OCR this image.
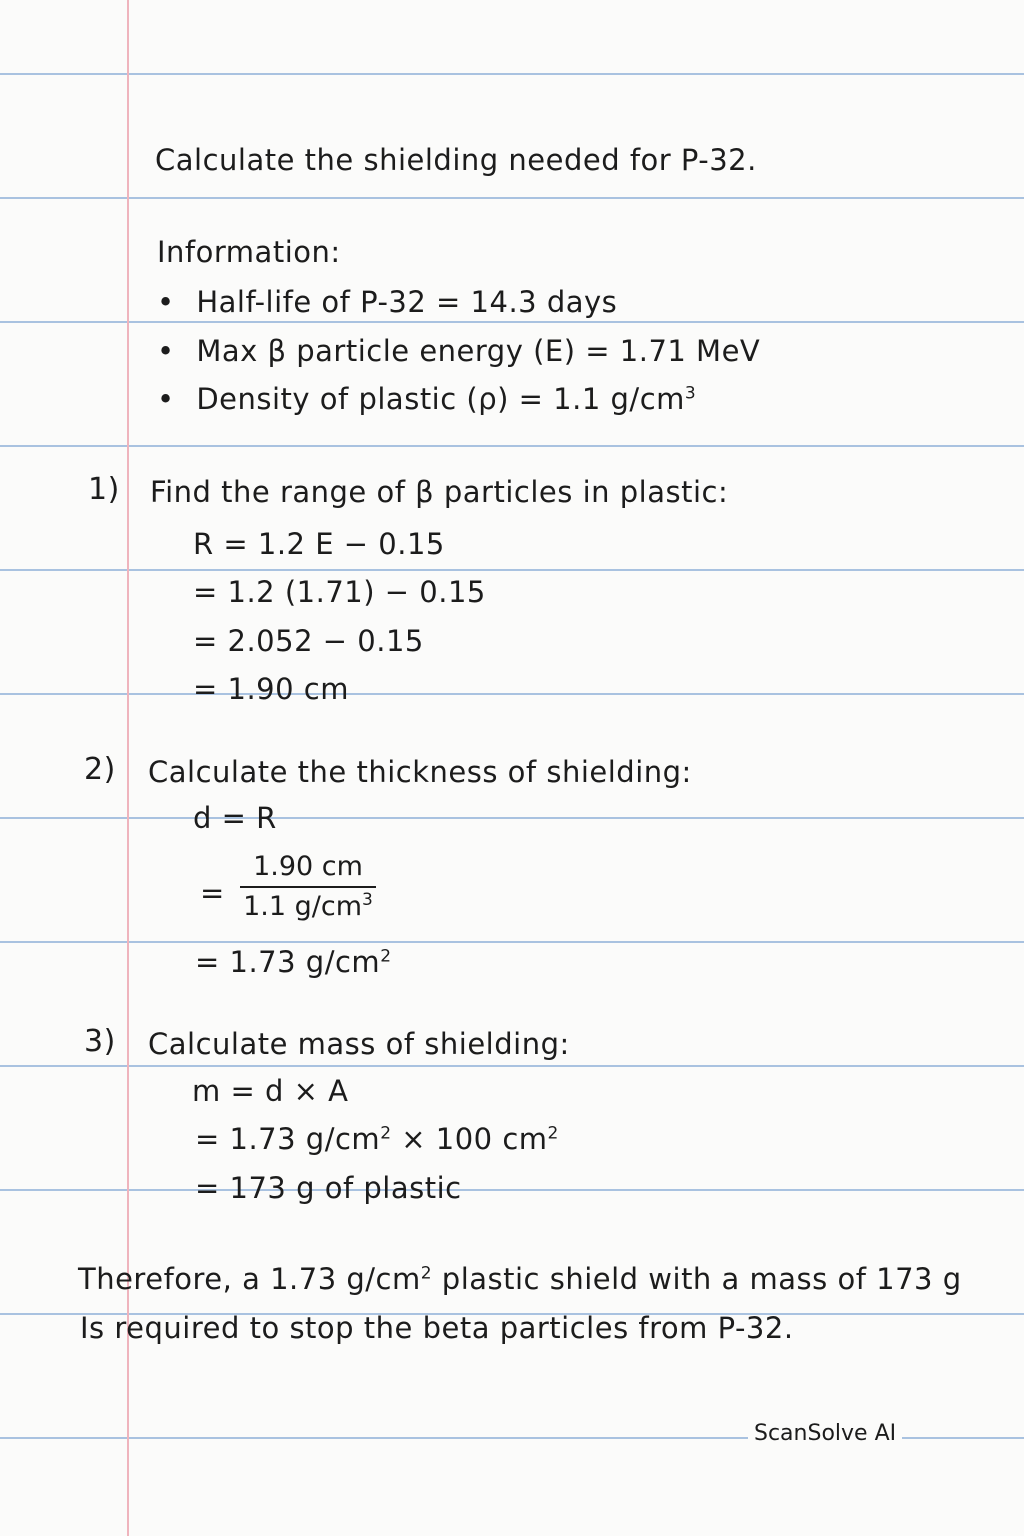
Calculate the shielding needed for P-32.
Information:
• Half-life of P-32 = 14.3 days
• Max β particle energy (E) = 1.71 MeV
• Density of plastic (ρ) = 1.1 $g/cm^3$
1) Find the range of β particles in plastic:
R = 1.2 E − 0.15
= 1.2 (1.71) − 0.15
= 2.052 − 0.15
= 1.90 cm
2) Calculate the thickness of shielding:
d = R
=
1.90 cm
1.1 $g/cm^3$
= 1.73 $g/cm^2$
3) Calculate mass of shielding:
m = d × A
= 1.73 $g/cm^2 \times 100$ $cm^2$
= 173 g of plastic
Therefore, a 1.73 $g/cm^2$ plastic shield with a mass of 173 g
Is required to stop the beta particles from P-32.
ScanSolve AI
